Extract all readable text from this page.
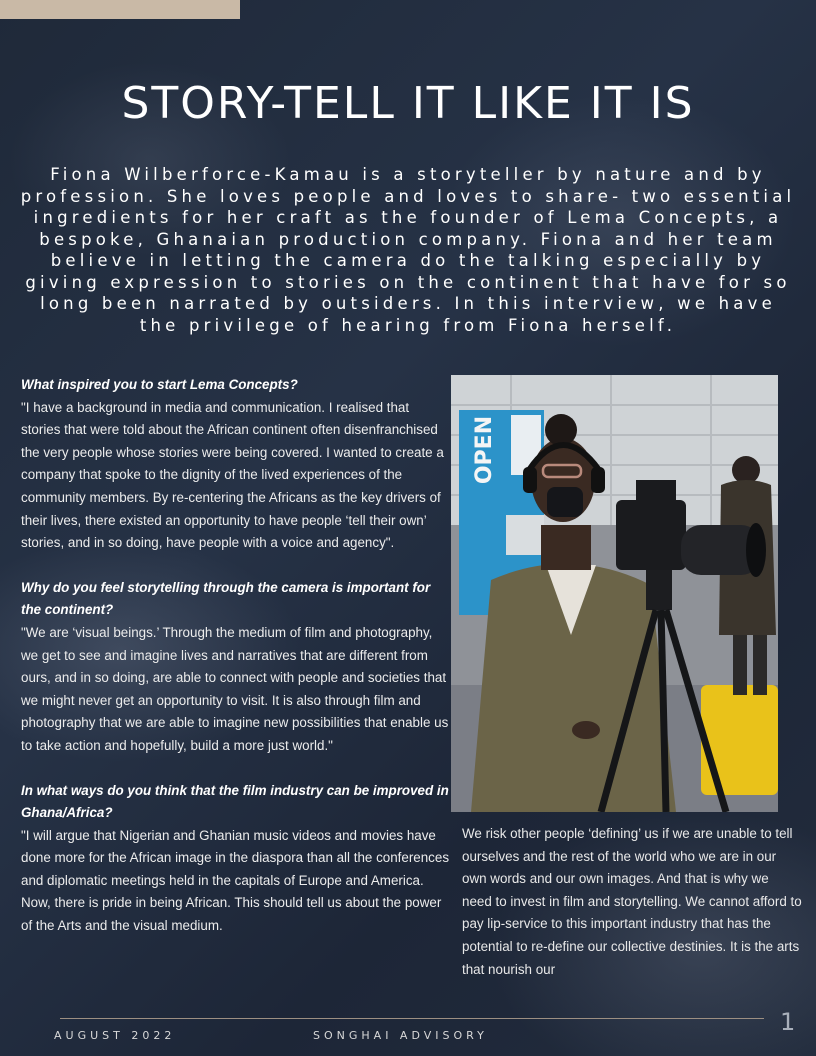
STORY-TELL IT LIKE IT IS

Fiona Wilberforce-Kamau is a storyteller by nature and by profession. She loves people and loves to share- two essential ingredients for her craft as the founder of Lema Concepts, a bespoke, Ghanaian production company. Fiona and her team believe in letting the camera do the talking especially by giving expression to stories on the continent that have for so long been narrated by outsiders. In this interview, we have the privilege of hearing from Fiona herself.

What inspired you to start Lema Concepts?

"I have a background in media and communication. I realised that stories that were told about the African continent often disenfranchised the very people whose stories were being covered. I wanted to create a company that spoke to the dignity of the lived experiences of the community members. By re-centering the Africans as the key drivers of their lives, there existed an opportunity to have people ‘tell their own’ stories, and in so doing, have people with a voice and agency".

Why do you feel storytelling through the camera is important for the continent?

"We are ‘visual beings.’ Through the medium of film and photography, we get to see and imagine lives and narratives that are different from ours, and in so doing, are able to connect with people and societies that we might never get an opportunity to visit. It is also through film and photography that we are able to imagine new possibilities that enable us to take action and hopefully, build a more just world."

In what ways do you think that the film industry can be improved in Ghana/Africa?

"I will argue that Nigerian and Ghanian music videos and movies have done more for the African image in the diaspora than all the conferences and diplomatic meetings held in the capitals of Europe and America. Now, there is pride in being African. This should tell us about the power of the Arts and the visual medium.

OPEN

We risk other people ‘defining’ us if we are unable to tell ourselves and the rest of the world who we are in our own words and our own images. And that is why we need to invest in film and storytelling. We cannot afford to pay lip-service to this important industry that has the potential to re-define our collective destinies. It is the arts that nourish our

AUGUST 2022	SONGHAI ADVISORY	1
